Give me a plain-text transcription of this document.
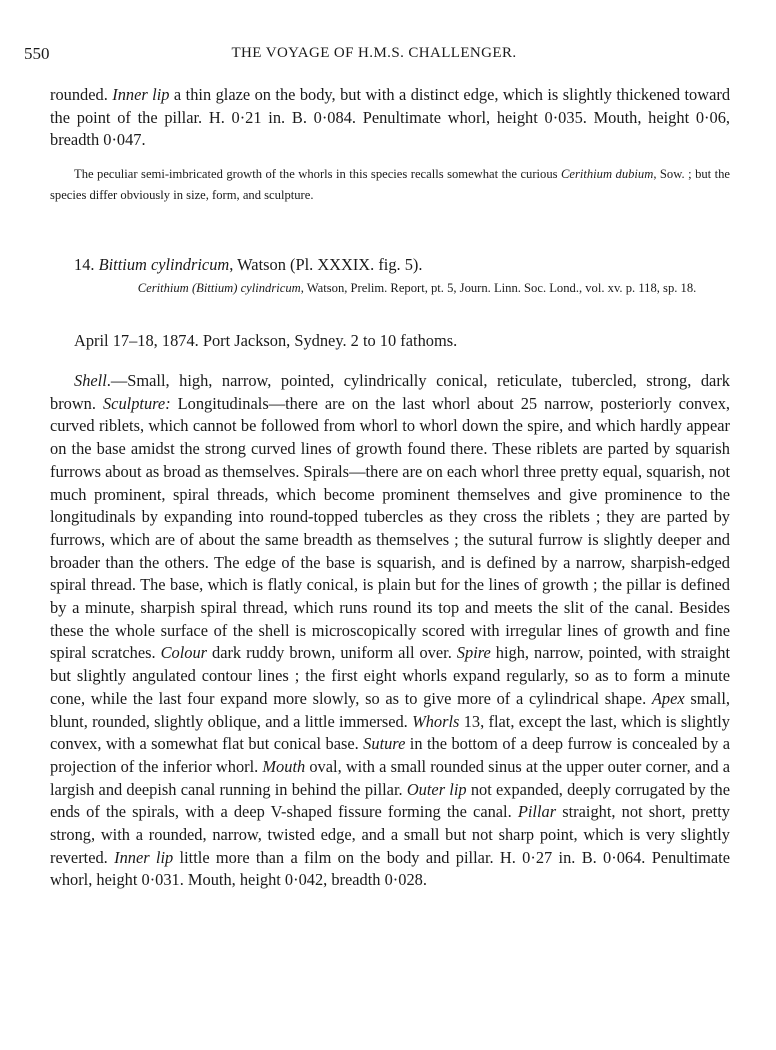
550	THE VOYAGE OF H.M.S. CHALLENGER.

rounded. Inner lip a thin glaze on the body, but with a distinct edge, which is slightly thickened toward the point of the pillar. H. 0·21 in. B. 0·084. Penultimate whorl, height 0·035. Mouth, height 0·06, breadth 0·047.

The peculiar semi-imbricated growth of the whorls in this species recalls somewhat the curious Cerithium dubium, Sow. ; but the species differ obviously in size, form, and sculpture.

14. Bittium cylindricum, Watson (Pl. XXXIX. fig. 5).

Cerithium (Bittium) cylindricum, Watson, Prelim. Report, pt. 5, Journ. Linn. Soc. Lond., vol. xv. p. 118, sp. 18.

April 17–18, 1874. Port Jackson, Sydney. 2 to 10 fathoms.

Shell.—Small, high, narrow, pointed, cylindrically conical, reticulate, tubercled, strong, dark brown. Sculpture: Longitudinals—there are on the last whorl about 25 narrow, posteriorly convex, curved riblets, which cannot be followed from whorl to whorl down the spire, and which hardly appear on the base amidst the strong curved lines of growth found there. These riblets are parted by squarish furrows about as broad as themselves. Spirals—there are on each whorl three pretty equal, squarish, not much prominent, spiral threads, which become prominent themselves and give prominence to the longitudinals by expanding into round-topped tubercles as they cross the riblets ; they are parted by furrows, which are of about the same breadth as themselves ; the sutural furrow is slightly deeper and broader than the others. The edge of the base is squarish, and is defined by a narrow, sharpish-edged spiral thread. The base, which is flatly conical, is plain but for the lines of growth ; the pillar is defined by a minute, sharpish spiral thread, which runs round its top and meets the slit of the canal. Besides these the whole surface of the shell is microscopically scored with irregular lines of growth and fine spiral scratches. Colour dark ruddy brown, uniform all over. Spire high, narrow, pointed, with straight but slightly angulated contour lines ; the first eight whorls expand regularly, so as to form a minute cone, while the last four expand more slowly, so as to give more of a cylindrical shape. Apex small, blunt, rounded, slightly oblique, and a little immersed. Whorls 13, flat, except the last, which is slightly convex, with a somewhat flat but conical base. Suture in the bottom of a deep furrow is concealed by a projection of the inferior whorl. Mouth oval, with a small rounded sinus at the upper outer corner, and a largish and deepish canal running in behind the pillar. Outer lip not expanded, deeply corrugated by the ends of the spirals, with a deep V-shaped fissure forming the canal. Pillar straight, not short, pretty strong, with a rounded, narrow, twisted edge, and a small but not sharp point, which is very slightly reverted. Inner lip little more than a film on the body and pillar. H. 0·27 in. B. 0·064. Penultimate whorl, height 0·031. Mouth, height 0·042, breadth 0·028.
